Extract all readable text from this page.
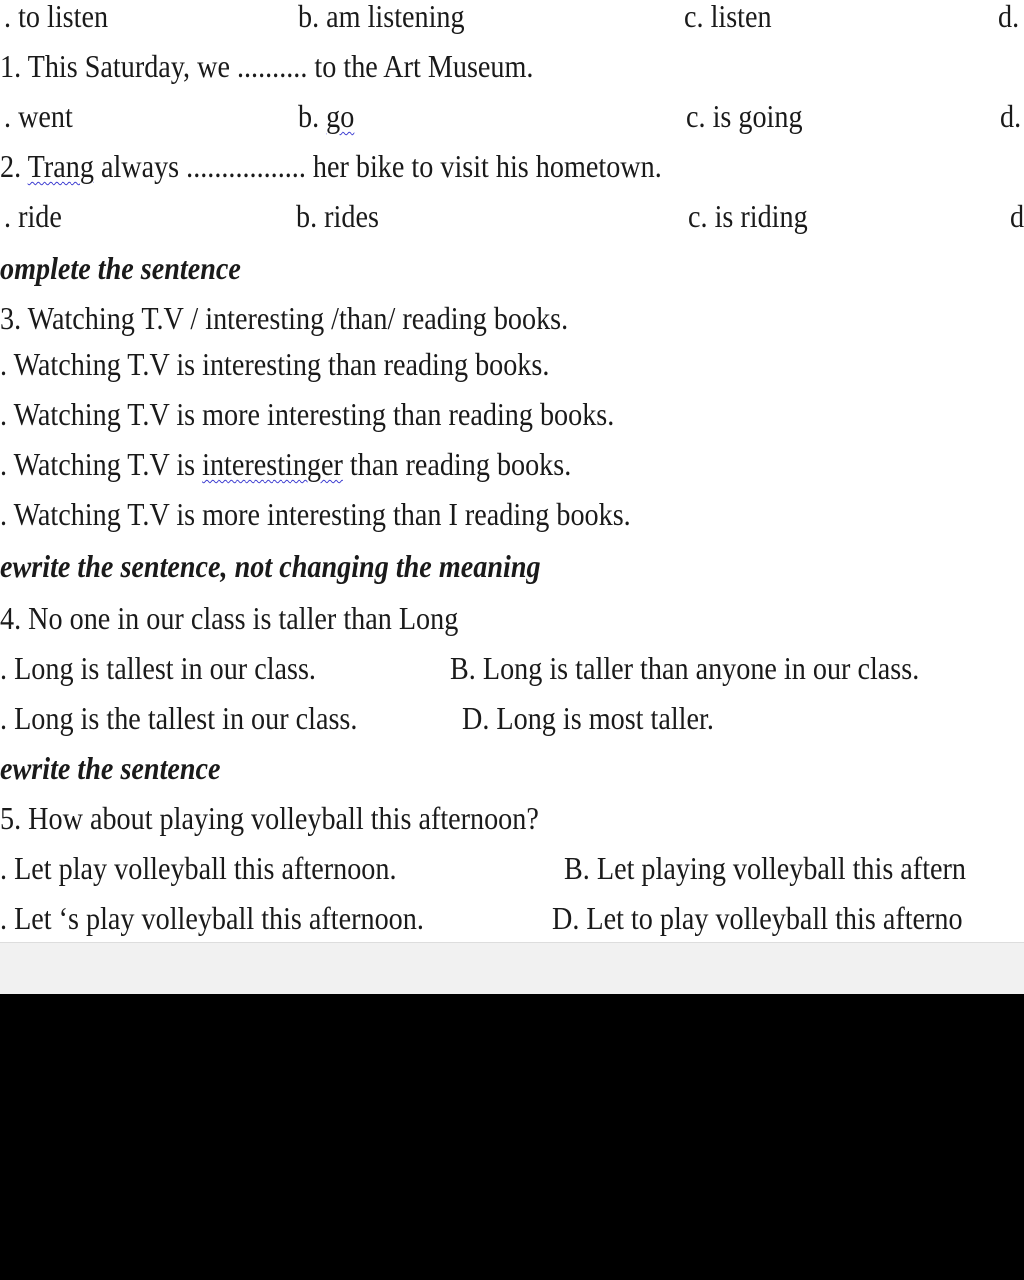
. to listen	b. am listening	c. listen	d.
1. This Saturday, we .......... to the Art Museum.
. went	b. go	c. is going	d.
2. Trang always ................. her bike to visit his hometown.
. ride	b. rides	c. is riding	d
omplete the sentence
3. Watching T.V / interesting /than/ reading books.
. Watching T.V is interesting than reading books.
. Watching T.V is more interesting than reading books.
. Watching T.V is interestinger than reading books.
. Watching T.V is more interesting than I reading books.
ewrite the sentence, not changing the meaning
4. No one in our class is taller than Long
. Long is tallest in our class.	B. Long is taller than anyone in our class.
. Long is the tallest in our class.	D. Long is most taller.
ewrite the sentence
5. How about playing volleyball this afternoon?
. Let play volleyball this afternoon.	B. Let playing volleyball this aftern
. Let ‘s play volleyball this afternoon.	D. Let to play volleyball this afterno
